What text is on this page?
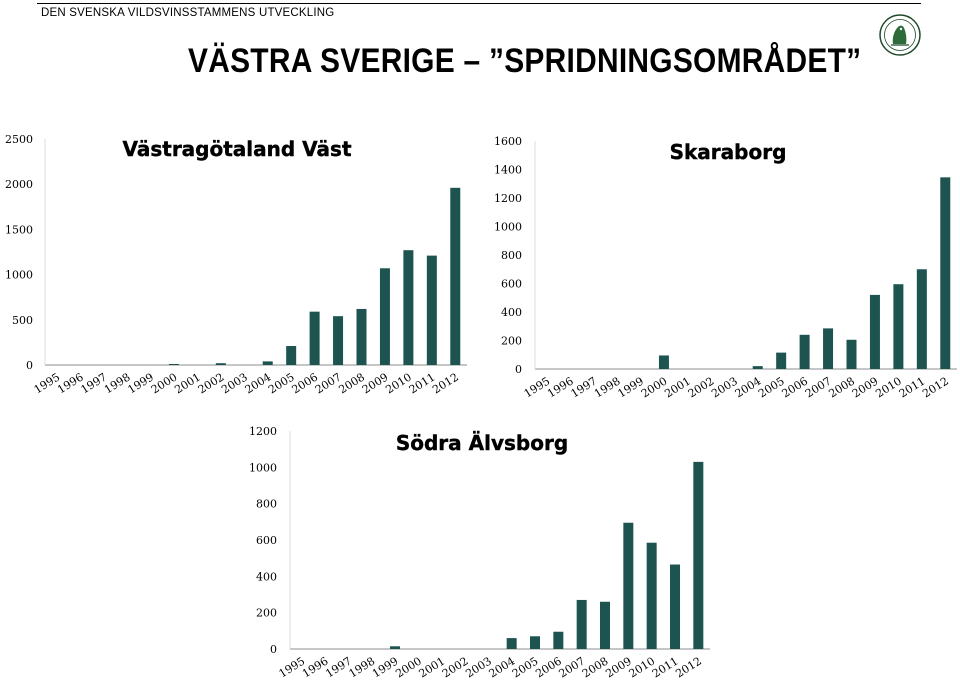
DEN SVENSKA VILDSVINSSTAMMENS UTVECKLING
VÄSTRA SVERIGE – ”SPRIDNINGSOMRÅDET”
0
500
1000
1500
2000
2500
1995
1996
1997
1998
1999
2000
2001
2002
2003
2004
2005
2006
2007
2008
2009
2010
2011
2012
Västragötaland Väst
0
200
400
600
800
1000
1200
1400
1600
1995
1996
1997
1998
1999
2000
2001
2002
2003
2004
2005
2006
2007
2008
2009
2010
2011
2012
Skaraborg
0
200
400
600
800
1000
1200
1995
1996
1997
1998
1999
2000
2001
2002
2003
2004
2005
2006
2007
2008
2009
2010
2011
2012
Södra Älvsborg
